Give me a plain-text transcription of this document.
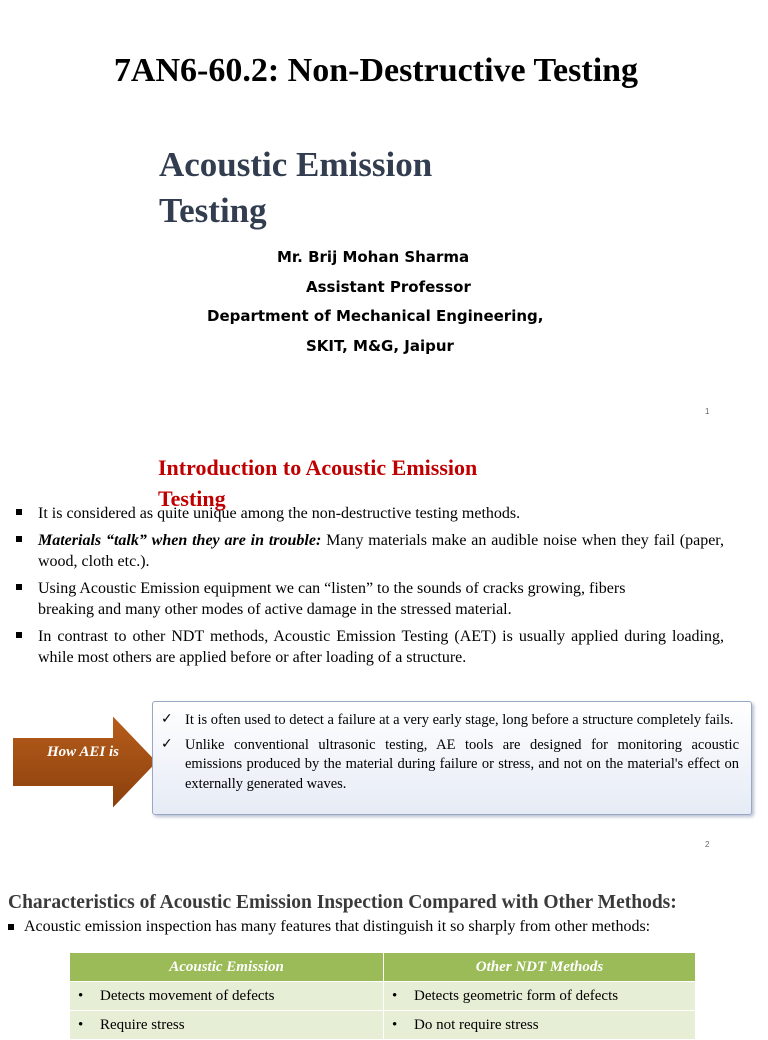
7AN6-60.2: Non-Destructive Testing
Acoustic Emission
Testing
Mr. Brij Mohan Sharma
Assistant Professor
Department of Mechanical Engineering,
SKIT, M&G, Jaipur
1
Introduction to Acoustic Emission
Testing
It is considered as quite unique among the non-destructive testing methods.
Materials “talk” when they are in trouble: Many materials make an audible noise when they fail (paper, wood, cloth etc.).
Using Acoustic Emission equipment we can “listen” to the sounds of cracks growing, fibers
breaking and many other modes of active damage in the stressed material.
In contrast to other NDT methods, Acoustic Emission Testing (AET) is usually applied during loading, while most others are applied before or after loading of a structure.
How AEI is
✓ It is often used to detect a failure at a very early stage, long before a structure completely fails.
✓ Unlike conventional ultrasonic testing, AE tools are designed for monitoring acoustic emissions produced by the material during failure or stress, and not on the material's effect on externally generated waves.
2
Characteristics of Acoustic Emission Inspection Compared with Other Methods:
Acoustic emission inspection has many features that distinguish it so sharply from other methods:
Acoustic Emission	Other NDT Methods
• Detects movement of defects	• Detects geometric form of defects
• Require stress	• Do not require stress
